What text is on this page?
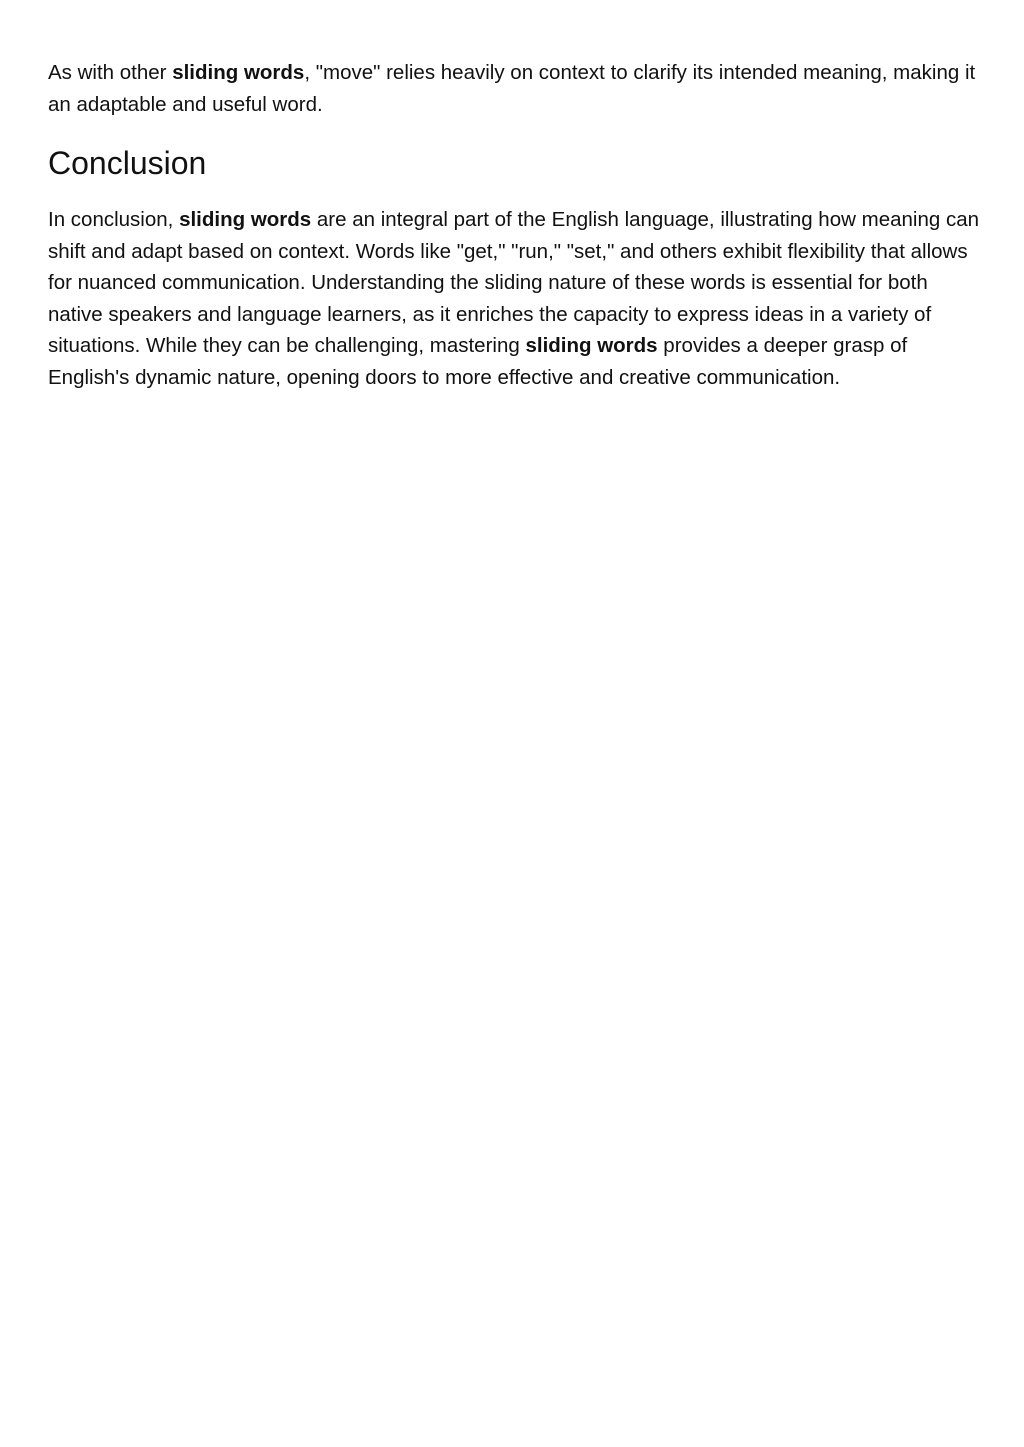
As with other sliding words, "move" relies heavily on context to clarify its intended meaning, making it an adaptable and useful word.

Conclusion

In conclusion, sliding words are an integral part of the English language, illustrating how meaning can shift and adapt based on context. Words like "get," "run," "set," and others exhibit flexibility that allows for nuanced communication. Understanding the sliding nature of these words is essential for both native speakers and language learners, as it enriches the capacity to express ideas in a variety of situations. While they can be challenging, mastering sliding words provides a deeper grasp of English's dynamic nature, opening doors to more effective and creative communication.
